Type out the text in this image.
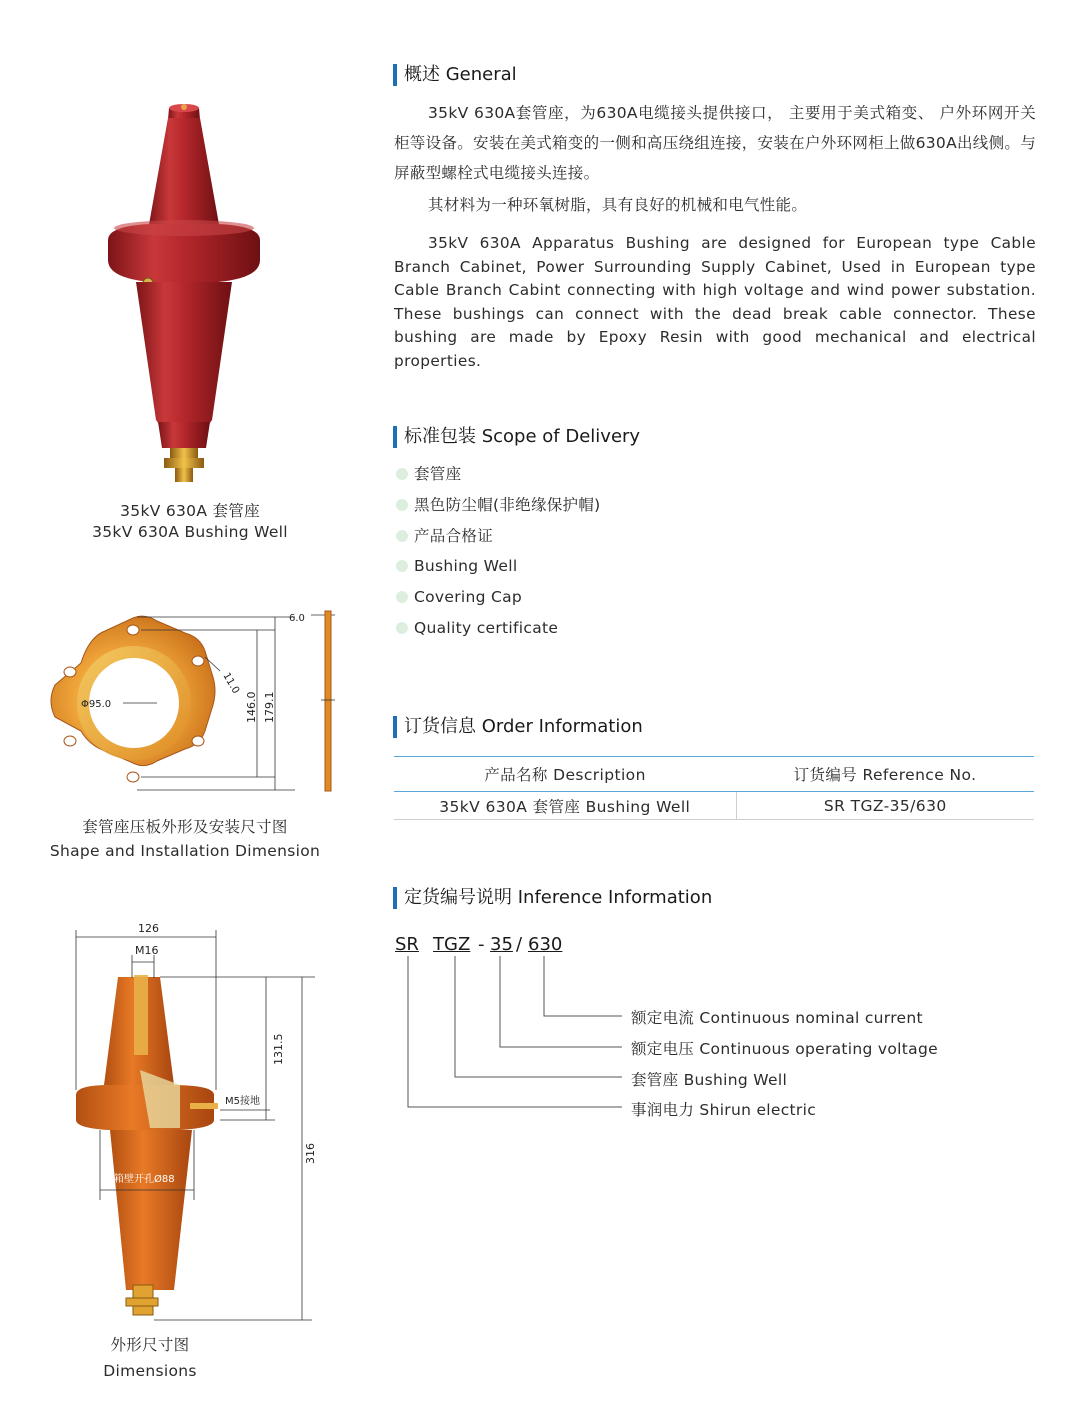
概述 General
35kV 630A套管座，为630A电缆接头提供接口， 主要用于美式箱变、 户外环网开关柜等设备。安装在美式箱变的一侧和高压绕组连接，安装在户外环网柜上做630A出线侧。与屏蔽型螺栓式电缆接头连接。
其材料为一种环氧树脂，具有良好的机械和电气性能。
35kV 630A Apparatus Bushing are designed for European type Cable Branch Cabinet, Power Surrounding Supply Cabinet, Used in European type Cable Branch Cabint connecting with high voltage and wind power substation. These bushings can connect with the dead break cable connector. These bushing are made by Epoxy Resin with good mechanical and electrical properties.
标准包装 Scope of Delivery
套管座
黑色防尘帽(非绝缘保护帽)
产品合格证
Bushing Well
Covering Cap
Quality certificate
订货信息 Order Information
产品名称 Description	订货编号 Reference No.
35kV 630A 套管座 Bushing Well	SR TGZ-35/630
定货编号说明 Inference Information
SR TGZ - 35 / 630
额定电流 Continuous nominal current
额定电压 Continuous operating voltage
套管座 Bushing Well
事润电力 Shirun electric
35kV 630A 套管座
35kV 630A Bushing Well
Φ95.0
11.0
146.0 179.1
6.0
套管座压板外形及安装尺寸图
Shape and Installation Dimension
126
M16
131.5
316
M5接地
箱壁开孔Ø88
外形尺寸图
Dimensions
